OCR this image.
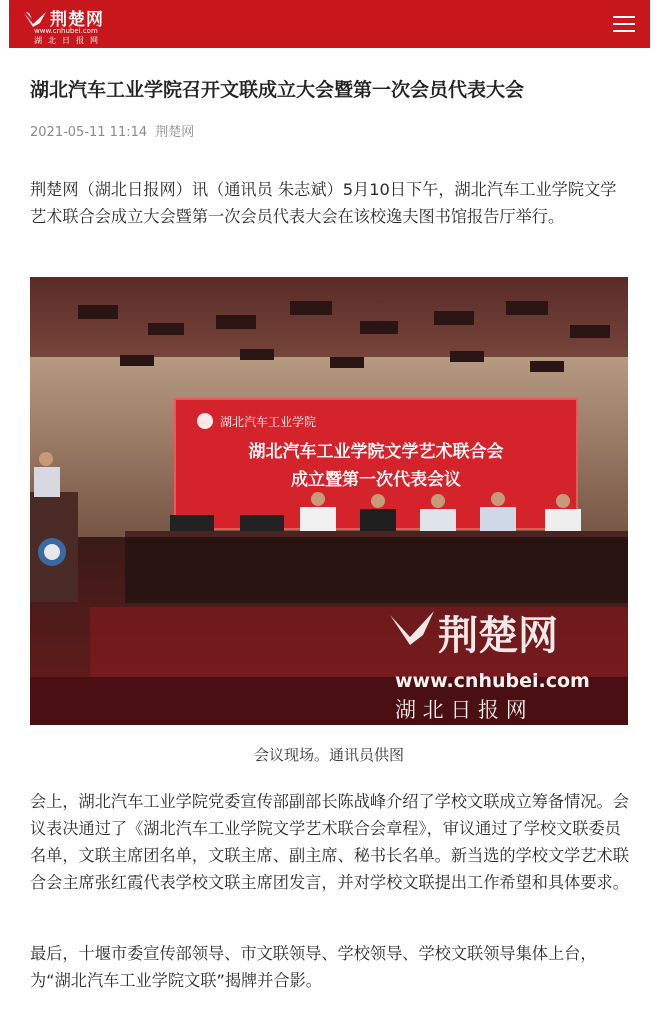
荆楚网
www.cnhubei.com
湖北日报网
湖北汽车工业学院召开文联成立大会暨第一次会员代表大会
2021-05-11 11:14 荆楚网

荆楚网（湖北日报网）讯（通讯员 朱志斌）5月10日下午，湖北汽车工业学院文学艺术联合会成立大会暨第一次会员代表大会在该校逸夫图书馆报告厅举行。

湖北汽车工业学院
湖北汽车工业学院文学艺术联合会
成立暨第一次代表会议
荆楚网
www.cnhubei.com
湖 北 日 报 网
会议现场。通讯员供图

会上，湖北汽车工业学院党委宣传部副部长陈战峰介绍了学校文联成立筹备情况。会议表决通过了《湖北汽车工业学院文学艺术联合会章程》，审议通过了学校文联委员名单，文联主席团名单，文联主席、副主席、秘书长名单。新当选的学校文学艺术联合会主席张红霞代表学校文联主席团发言，并对学校文联提出工作希望和具体要求。

最后，十堰市委宣传部领导、市文联领导、学校领导、学校文联领导集体上台，为“湖北汽车工业学院文联”揭牌并合影。
